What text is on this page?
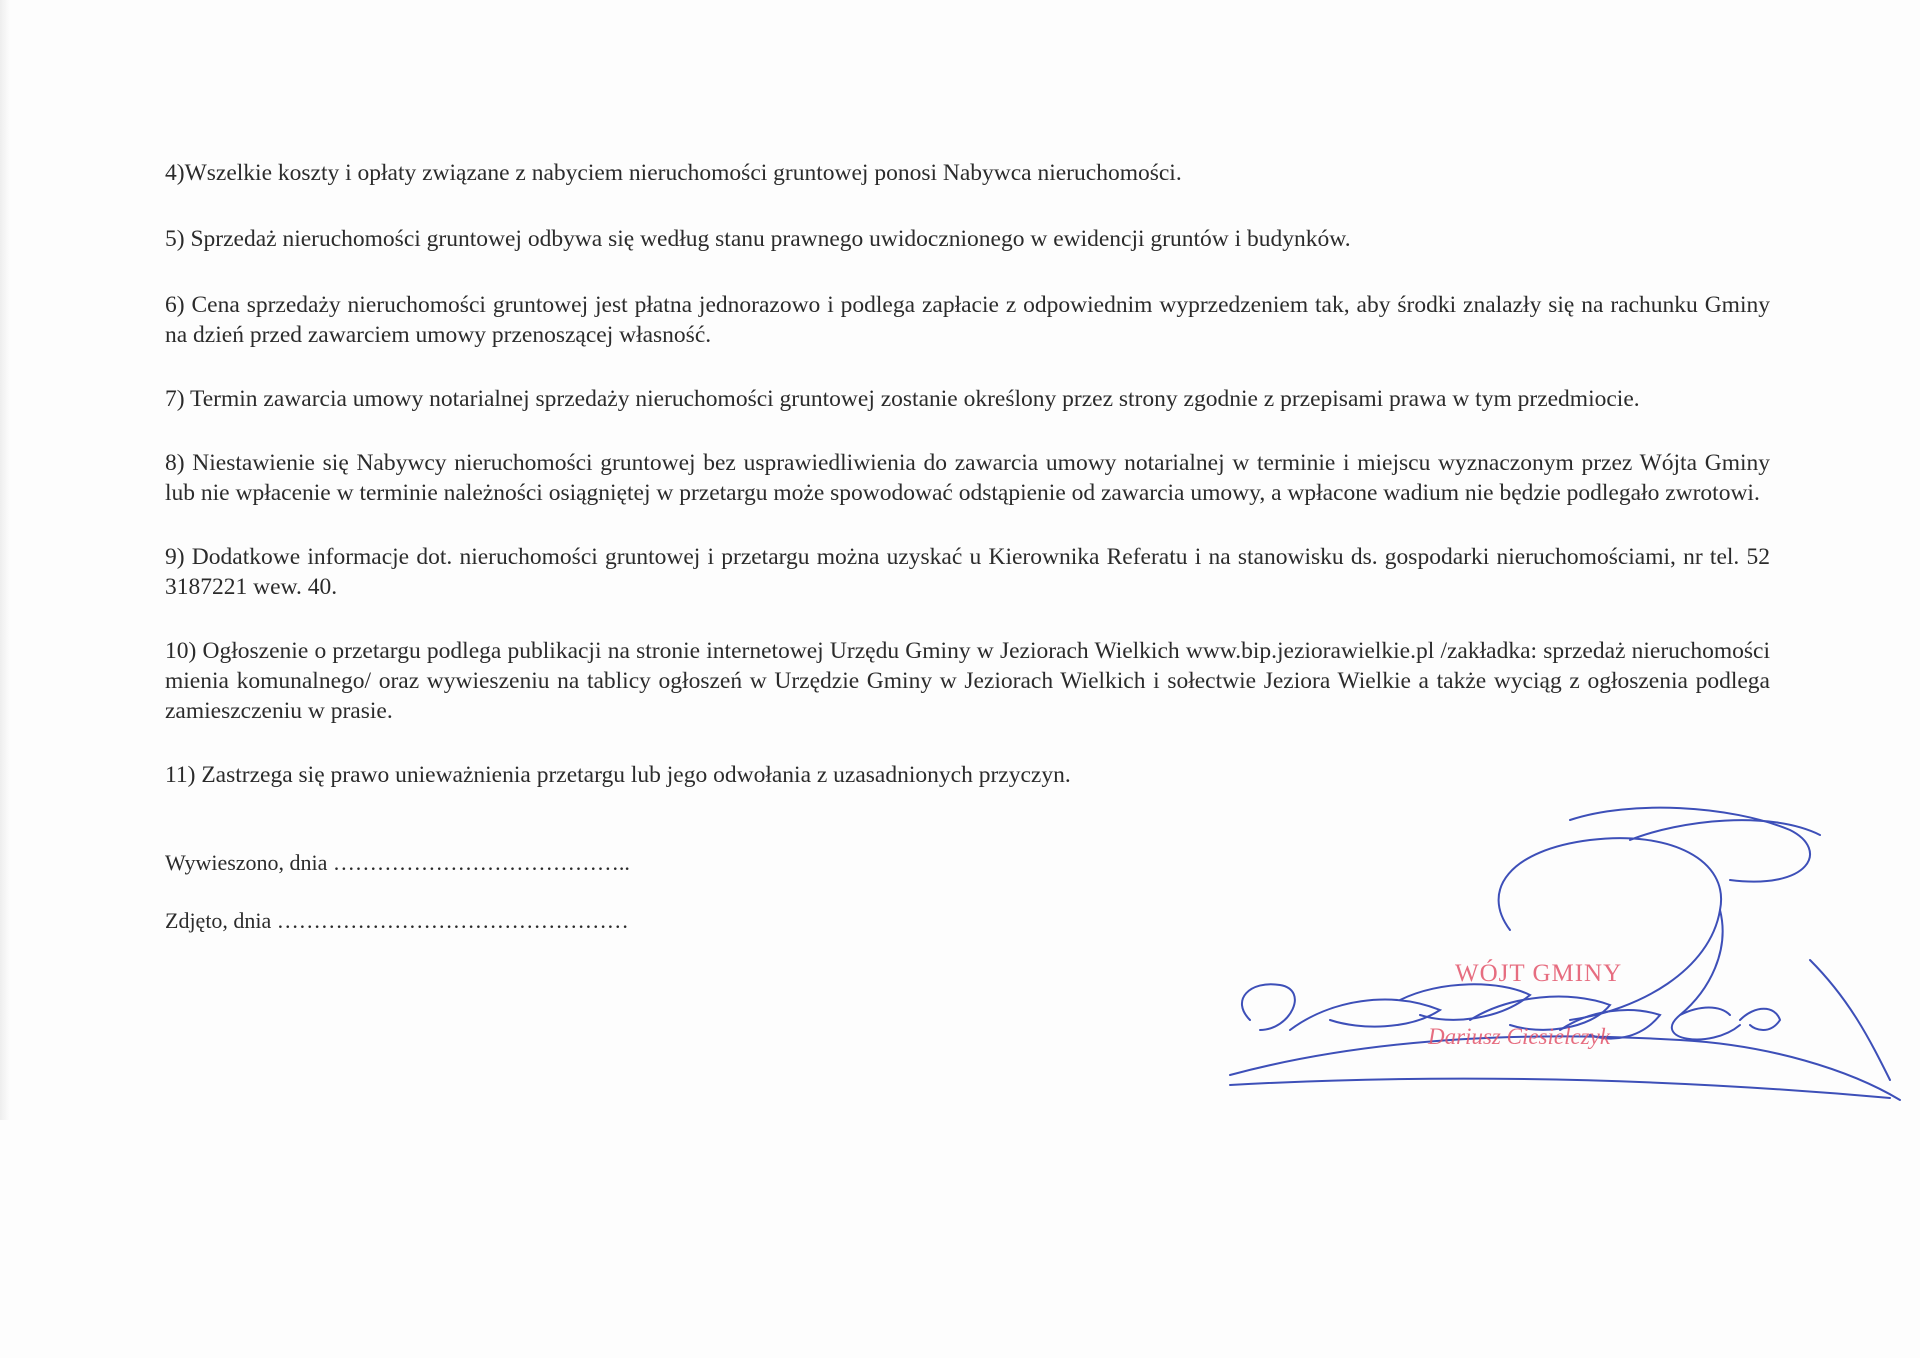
4)Wszelkie koszty i opłaty związane z nabyciem nieruchomości gruntowej ponosi Nabywca nieruchomości.

5) Sprzedaż nieruchomości gruntowej odbywa się według stanu prawnego uwidocznionego w ewidencji gruntów i budynków.

6) Cena sprzedaży nieruchomości gruntowej jest płatna jednorazowo i podlega zapłacie z odpowiednim wyprzedzeniem tak, aby środki znalazły się na rachunku Gminy na dzień przed zawarciem umowy przenoszącej własność.

7) Termin zawarcia umowy notarialnej sprzedaży nieruchomości gruntowej zostanie określony przez strony zgodnie z przepisami prawa w tym przedmiocie.

8) Niestawienie się Nabywcy nieruchomości gruntowej bez usprawiedliwienia do zawarcia umowy notarialnej w terminie i miejscu wyznaczonym przez Wójta Gminy lub nie wpłacenie w terminie należności osiągniętej w przetargu może spowodować odstąpienie od zawarcia umowy, a wpłacone wadium nie będzie podlegało zwrotowi.

9) Dodatkowe informacje dot. nieruchomości gruntowej i przetargu można uzyskać u Kierownika Referatu i na stanowisku ds. gospodarki nieruchomościami, nr tel. 52 3187221 wew. 40.

10) Ogłoszenie o przetargu podlega publikacji na stronie internetowej Urzędu Gminy w Jeziorach Wielkich www.bip.jeziorawielkie.pl /zakładka: sprzedaż nieruchomości mienia komunalnego/ oraz wywieszeniu na tablicy ogłoszeń w Urzędzie Gminy w Jeziorach Wielkich i sołectwie Jeziora Wielkie a także wyciąg z ogłoszenia podlega zamieszczeniu w prasie.

11) Zastrzega się prawo unieważnienia przetargu lub jego odwołania z uzasadnionych przyczyn.

Wywieszono, dnia …………………………………..

Zdjęto, dnia …………………………………………

WÓJT GMINY
Dariusz Ciesielczyk
